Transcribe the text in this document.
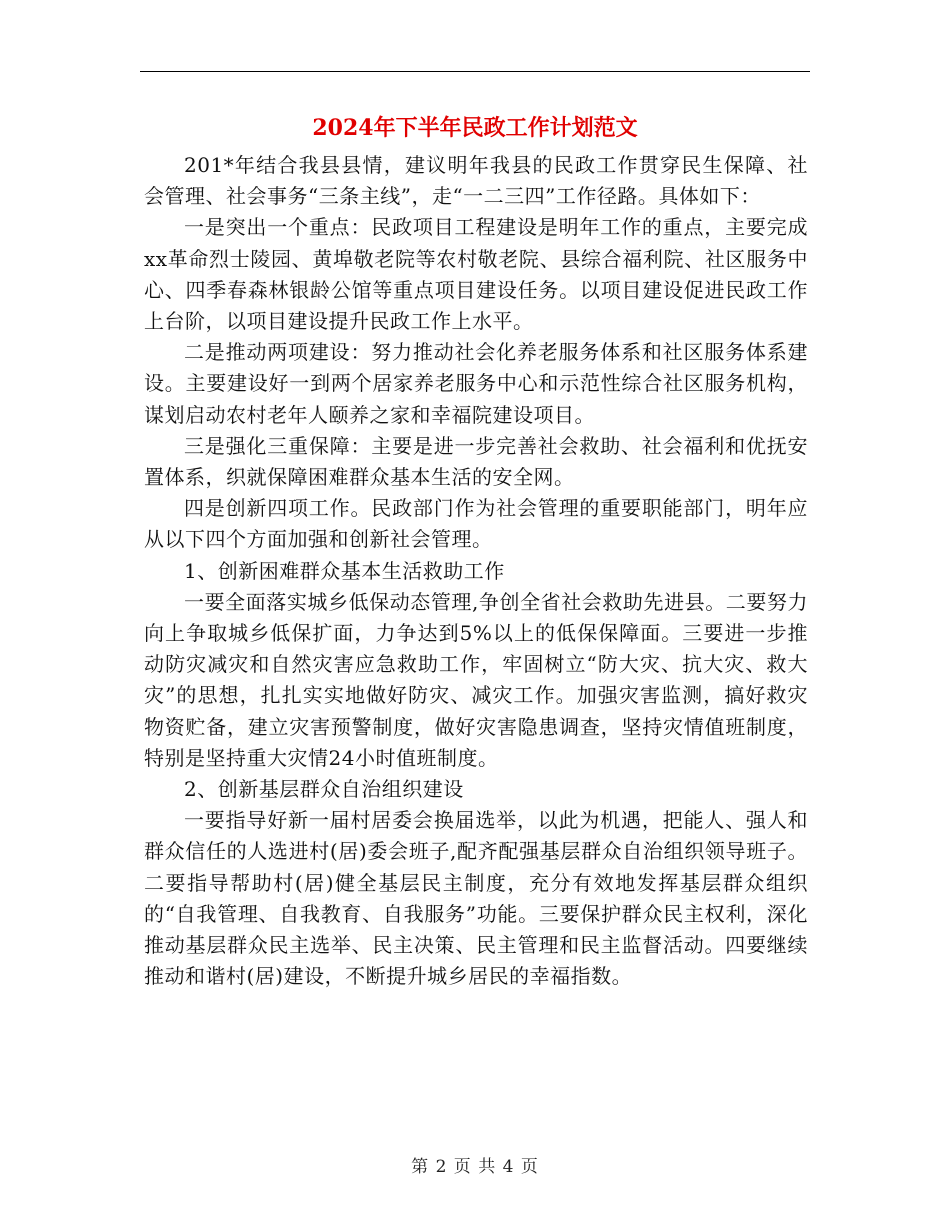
2024年下半年民政工作计划范文

201*年结合我县县情，建议明年我县的民政工作贯穿民生保障、社会管理、社会事务“三条主线”，走“一二三四”工作径路。具体如下：

一是突出一个重点：民政项目工程建设是明年工作的重点，主要完成xx革命烈士陵园、黄埠敬老院等农村敬老院、县综合福利院、社区服务中心、四季春森林银龄公馆等重点项目建设任务。以项目建设促进民政工作上台阶，以项目建设提升民政工作上水平。

二是推动两项建设：努力推动社会化养老服务体系和社区服务体系建设。主要建设好一到两个居家养老服务中心和示范性综合社区服务机构，谋划启动农村老年人颐养之家和幸福院建设项目。

三是强化三重保障：主要是进一步完善社会救助、社会福利和优抚安置体系，织就保障困难群众基本生活的安全网。

四是创新四项工作。民政部门作为社会管理的重要职能部门，明年应从以下四个方面加强和创新社会管理。

1、创新困难群众基本生活救助工作

一要全面落实城乡低保动态管理,争创全省社会救助先进县。二要努力向上争取城乡低保扩面，力争达到5%以上的低保保障面。三要进一步推动防灾减灾和自然灾害应急救助工作，牢固树立“防大灾、抗大灾、救大灾”的思想，扎扎实实地做好防灾、减灾工作。加强灾害监测，搞好救灾物资贮备，建立灾害预警制度，做好灾害隐患调查，坚持灾情值班制度，特别是坚持重大灾情24小时值班制度。

2、创新基层群众自治组织建设

一要指导好新一届村居委会换届选举，以此为机遇，把能人、强人和群众信任的人选进村(居)委会班子,配齐配强基层群众自治组织领导班子。二要指导帮助村(居)健全基层民主制度，充分有效地发挥基层群众组织的“自我管理、自我教育、自我服务”功能。三要保护群众民主权利，深化推动基层群众民主选举、民主决策、民主管理和民主监督活动。四要继续推动和谐村(居)建设，不断提升城乡居民的幸福指数。

第 2 页 共 4 页
